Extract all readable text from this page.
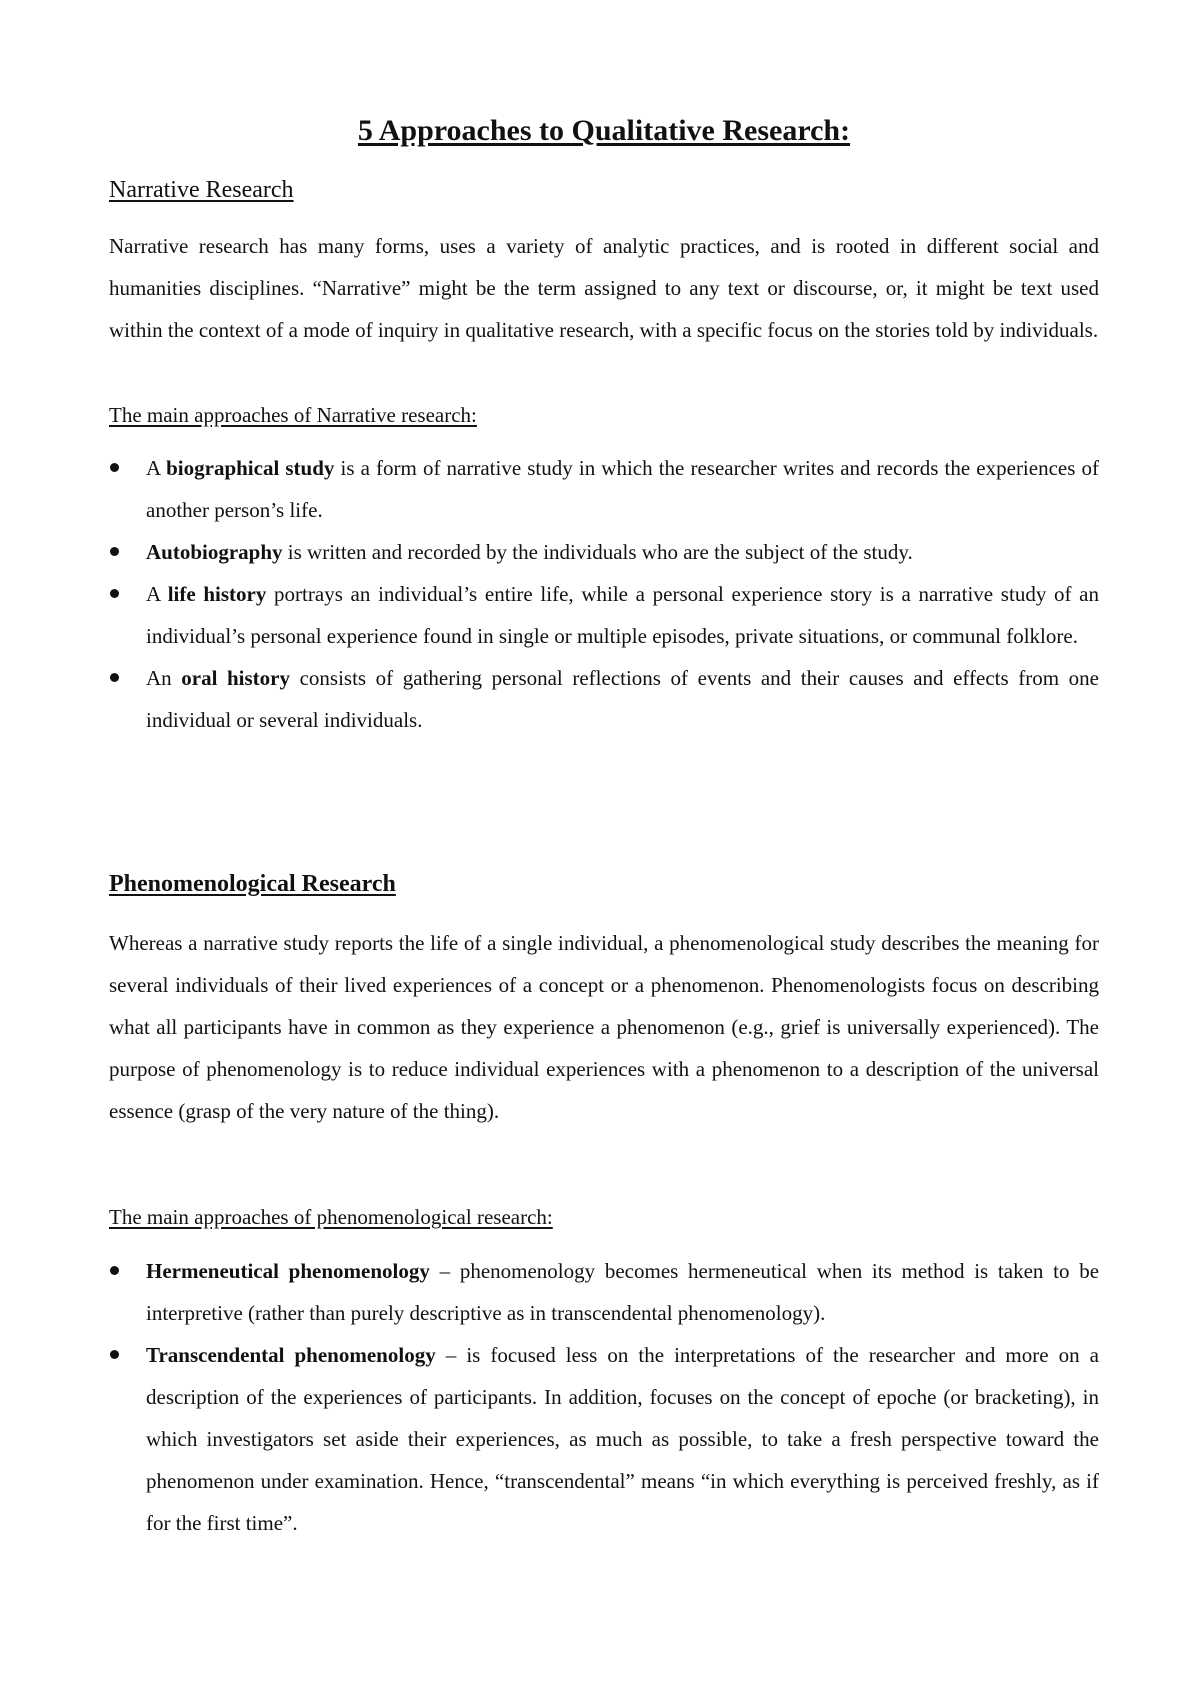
5 Approaches to Qualitative Research:
Narrative Research

Narrative research has many forms, uses a variety of analytic practices, and is rooted in different social and humanities disciplines. “Narrative” might be the term assigned to any text or discourse, or, it might be text used within the context of a mode of inquiry in qualitative research, with a specific focus on the stories told by individuals.

The main approaches of Narrative research:

A biographical study is a form of narrative study in which the researcher writes and records the experiences of another person’s life.
Autobiography is written and recorded by the individuals who are the subject of the study.
A life history portrays an individual’s entire life, while a personal experience story is a narrative study of an individual’s personal experience found in single or multiple episodes, private situations, or communal folklore.
An oral history consists of gathering personal reflections of events and their causes and effects from one individual or several individuals.
Phenomenological Research

Whereas a narrative study reports the life of a single individual, a phenomenological study describes the meaning for several individuals of their lived experiences of a concept or a phenomenon. Phenomenologists focus on describing what all participants have in common as they experience a phenomenon (e.g., grief is universally experienced). The purpose of phenomenology is to reduce individual experiences with a phenomenon to a description of the universal essence (grasp of the very nature of the thing).

The main approaches of phenomenological research:

Hermeneutical phenomenology – phenomenology becomes hermeneutical when its method is taken to be interpretive (rather than purely descriptive as in transcendental phenomenology).
Transcendental phenomenology – is focused less on the interpretations of the researcher and more on a description of the experiences of participants. In addition, focuses on the concept of epoche (or bracketing), in which investigators set aside their experiences, as much as possible, to take a fresh perspective toward the phenomenon under examination. Hence, “transcendental” means “in which everything is perceived freshly, as if for the first time”.
